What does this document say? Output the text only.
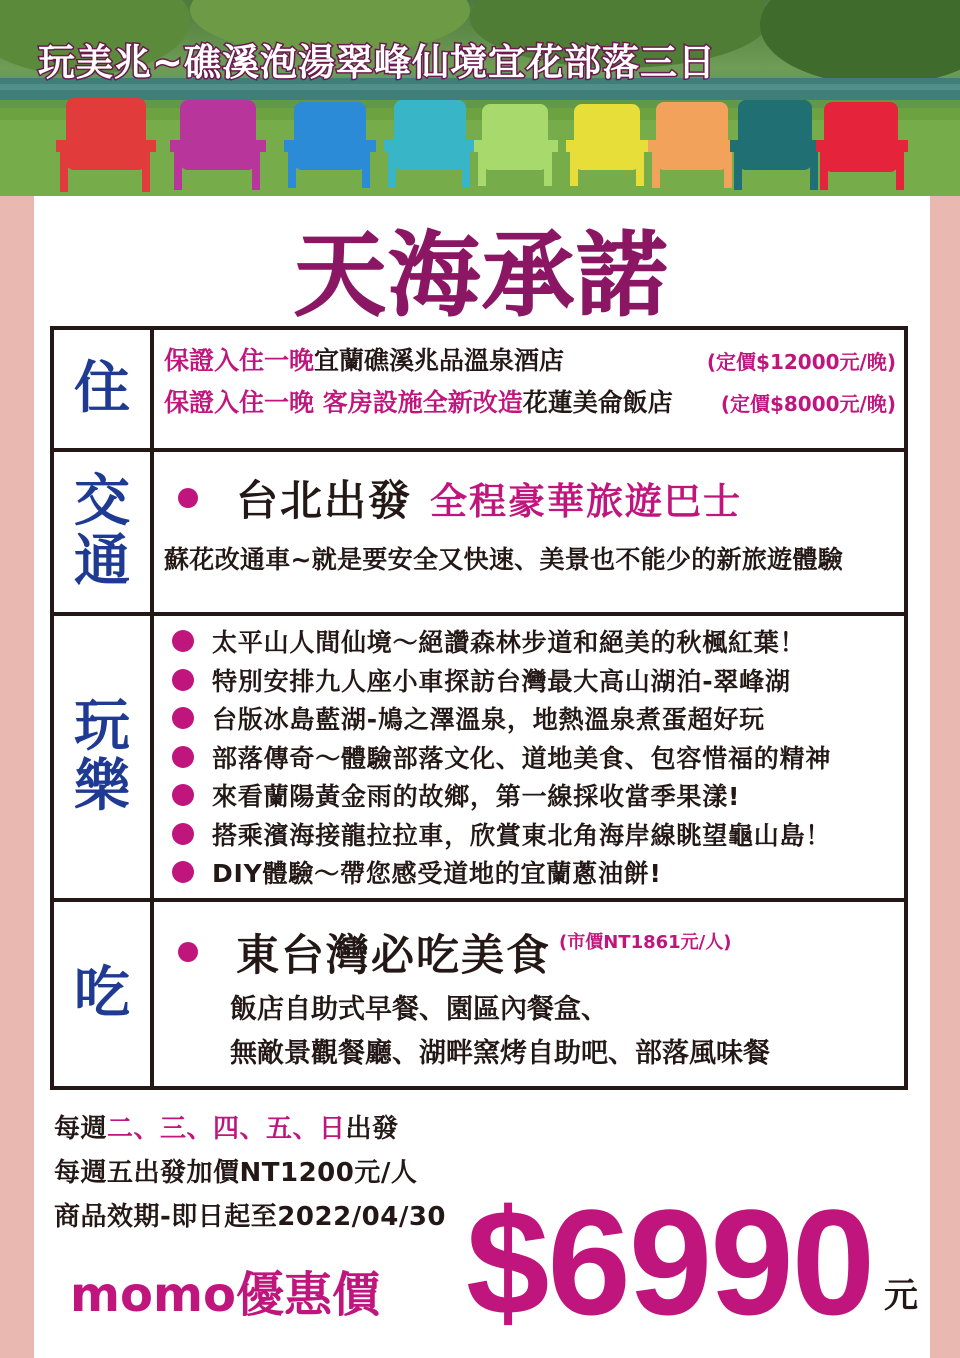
玩美兆~礁溪泡湯翠峰仙境宜花部落三日
天海承諾
住 保證入住一晚 宜蘭礁溪兆品溫泉酒店	(定價$12000元/晚)
保證入住一晚 客房設施全新改造 花蓮美侖飯店 (定價$8000元/晚)
交
通
台北出發 全程豪華旅遊巴士
蘇花改通車~就是要安全又快速、美景也不能少的新旅遊體驗
玩
樂
太平山人間仙境～絕讚森林步道和絕美的秋楓紅葉！
特別安排九人座小車探訪台灣最大高山湖泊-翠峰湖
台版冰島藍湖-鳩之澤溫泉，地熱溫泉煮蛋超好玩
部落傳奇～體驗部落文化、道地美食、包容惜福的精神
來看蘭陽黃金雨的故鄉，第一線採收當季果漾!
搭乘濱海接龍拉拉車，欣賞東北角海岸線眺望龜山島！
DIY體驗～帶您感受道地的宜蘭蔥油餅!
吃
東台灣必吃美食 (市價NT1861元/人)
飯店自助式早餐、園區內餐盒、
無敵景觀餐廳、湖畔窯烤自助吧、部落風味餐
每週二、三、四、五、日出發
每週五出發加價NT1200元/人
商品效期-即日起至2022/04/30
momo優惠價 $6990 元
